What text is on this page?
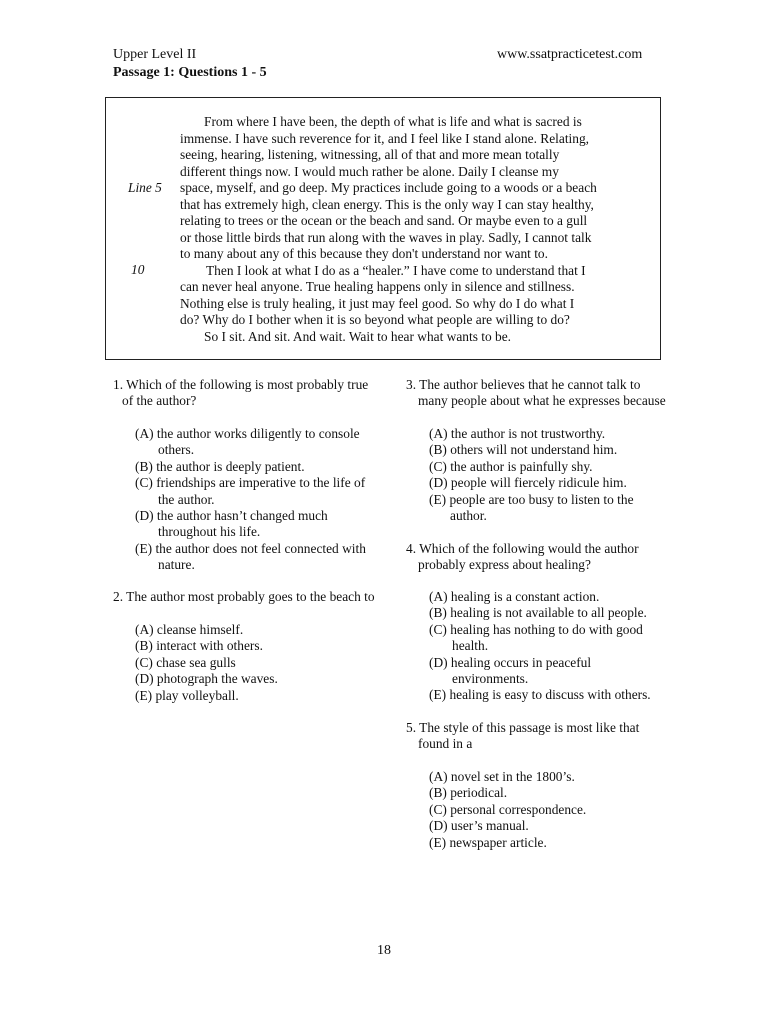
Upper Level II	www.ssatpracticetest.com
Passage 1: Questions 1 - 5
Line 5
10
From where I have been, the depth of what is life and what is sacred is
immense. I have such reverence for it, and I feel like I stand alone. Relating,
seeing, hearing, listening, witnessing, all of that and more mean totally
different things now. I would much rather be alone. Daily I cleanse my
space, myself, and go deep. My practices include going to a woods or a beach
that has extremely high, clean energy. This is the only way I can stay healthy,
relating to trees or the ocean or the beach and sand. Or maybe even to a gull
or those little birds that run along with the waves in play. Sadly, I cannot talk
to many about any of this because they don't understand nor want to.
Then I look at what I do as a “healer.” I have come to understand that I
can never heal anyone. True healing happens only in silence and stillness.
Nothing else is truly healing, it just may feel good. So why do I do what I
do? Why do I bother when it is so beyond what people are willing to do?
So I sit. And sit. And wait. Wait to hear what wants to be.
1. Which of the following is most probably true
of the author?
(A) the author works diligently to console
others.
(B) the author is deeply patient.
(C) friendships are imperative to the life of
the author.
(D) the author hasn’t changed much
throughout his life.
(E) the author does not feel connected with
nature.
2. The author most probably goes to the beach to
(A) cleanse himself.
(B) interact with others.
(C) chase sea gulls
(D) photograph the waves.
(E) play volleyball.
3. The author believes that he cannot talk to
many people about what he expresses because
(A) the author is not trustworthy.
(B) others will not understand him.
(C) the author is painfully shy.
(D) people will fiercely ridicule him.
(E) people are too busy to listen to the
author.
4. Which of the following would the author
probably express about healing?
(A) healing is a constant action.
(B) healing is not available to all people.
(C) healing has nothing to do with good
health.
(D) healing occurs in peaceful
environments.
(E) healing is easy to discuss with others.
5. The style of this passage is most like that
found in a
(A) novel set in the 1800’s.
(B) periodical.
(C) personal correspondence.
(D) user’s manual.
(E) newspaper article.
18
